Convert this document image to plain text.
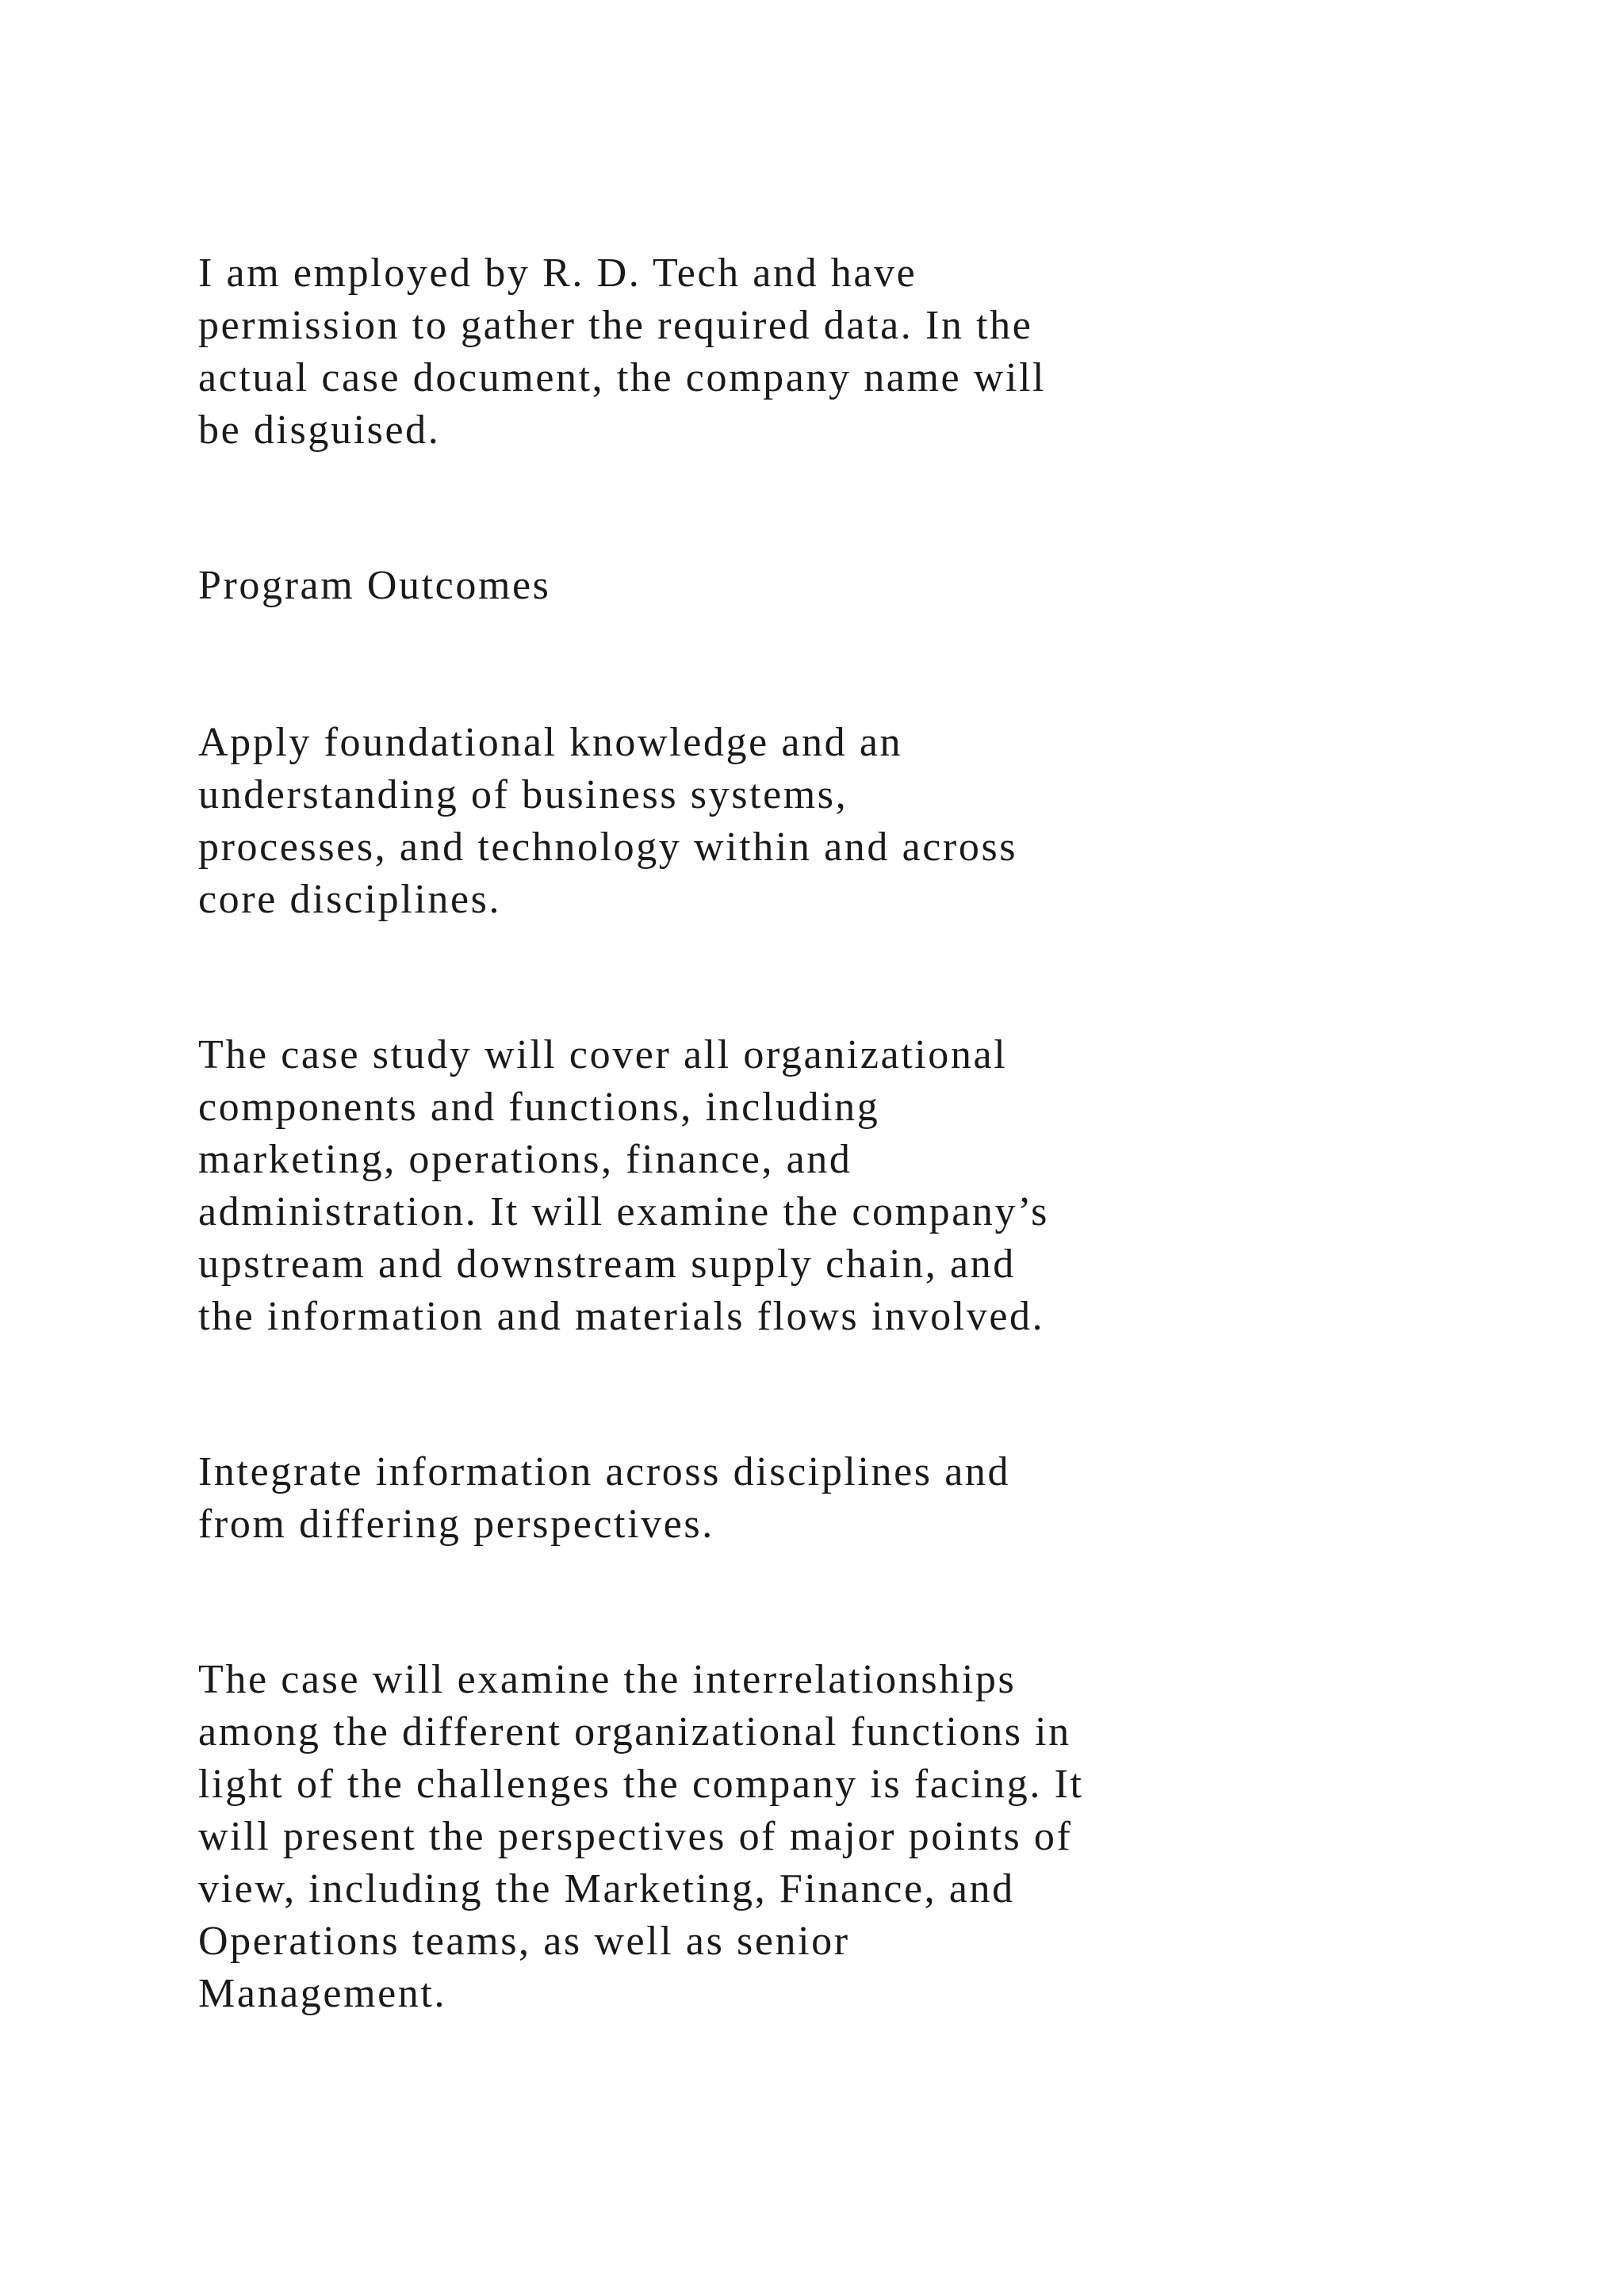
I am employed by R. D. Tech and have
permission to gather the required data. In the
actual case document, the company name will
be disguised.

Program Outcomes

Apply foundational knowledge and an
understanding of business systems,
processes, and technology within and across
core disciplines.

The case study will cover all organizational
components and functions, including
marketing, operations, finance, and
administration. It will examine the company’s
upstream and downstream supply chain, and
the information and materials flows involved.

Integrate information across disciplines and
from differing perspectives.

The case will examine the interrelationships
among the different organizational functions in
light of the challenges the company is facing. It
will present the perspectives of major points of
view, including the Marketing, Finance, and
Operations teams, as well as senior
Management.
